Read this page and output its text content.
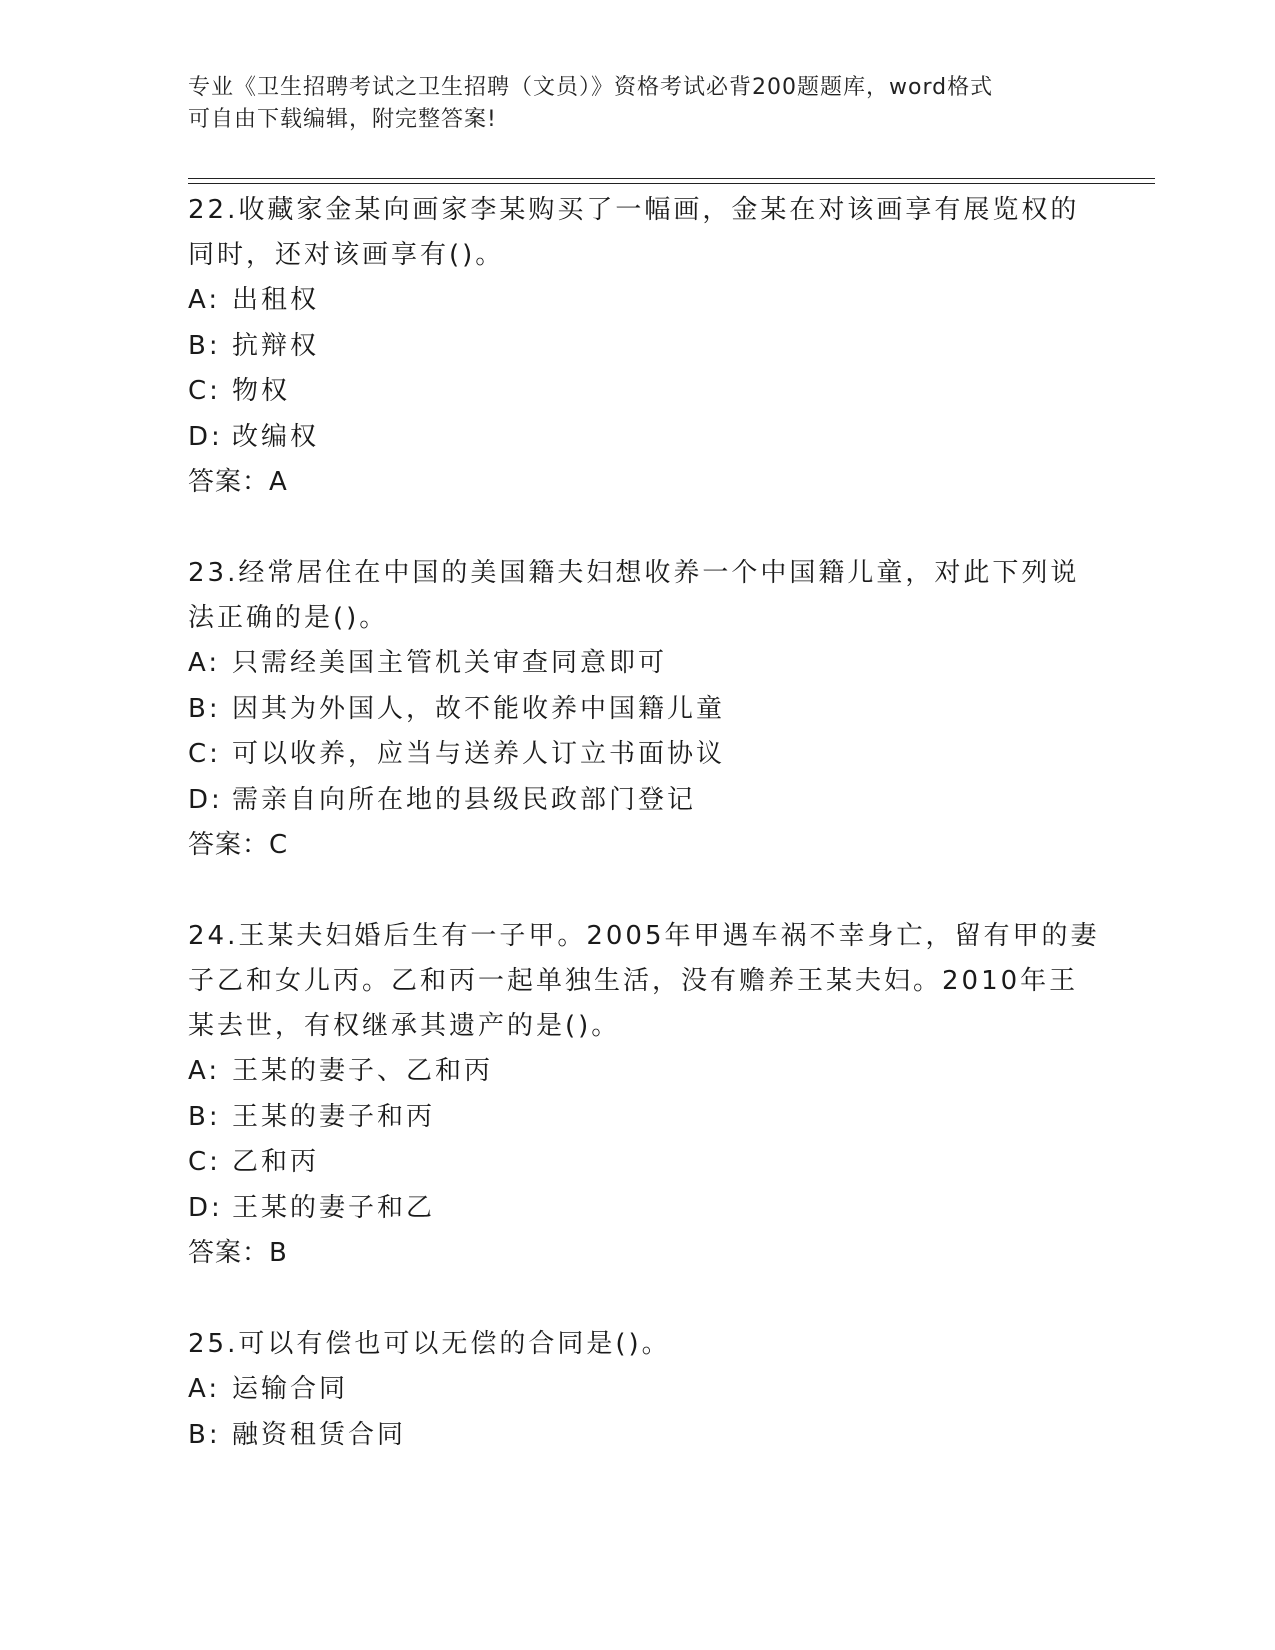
专业《卫生招聘考试之卫生招聘（文员）》资格考试必背200题题库，word格式
可自由下载编辑，附完整答案!
22.收藏家金某向画家李某购买了一幅画，金某在对该画享有展览权的
同时，还对该画享有()。
A: 出租权
B: 抗辩权
C: 物权
D: 改编权
答案：A
23.经常居住在中国的美国籍夫妇想收养一个中国籍儿童，对此下列说
法正确的是()。
A: 只需经美国主管机关审查同意即可
B: 因其为外国人，故不能收养中国籍儿童
C: 可以收养，应当与送养人订立书面协议
D: 需亲自向所在地的县级民政部门登记
答案：C
24.王某夫妇婚后生有一子甲。2005年甲遇车祸不幸身亡，留有甲的妻
子乙和女儿丙。乙和丙一起单独生活，没有赡养王某夫妇。2010年王
某去世，有权继承其遗产的是()。
A: 王某的妻子、乙和丙
B: 王某的妻子和丙
C: 乙和丙
D: 王某的妻子和乙
答案：B
25.可以有偿也可以无偿的合同是()。
A: 运输合同
B: 融资租赁合同
